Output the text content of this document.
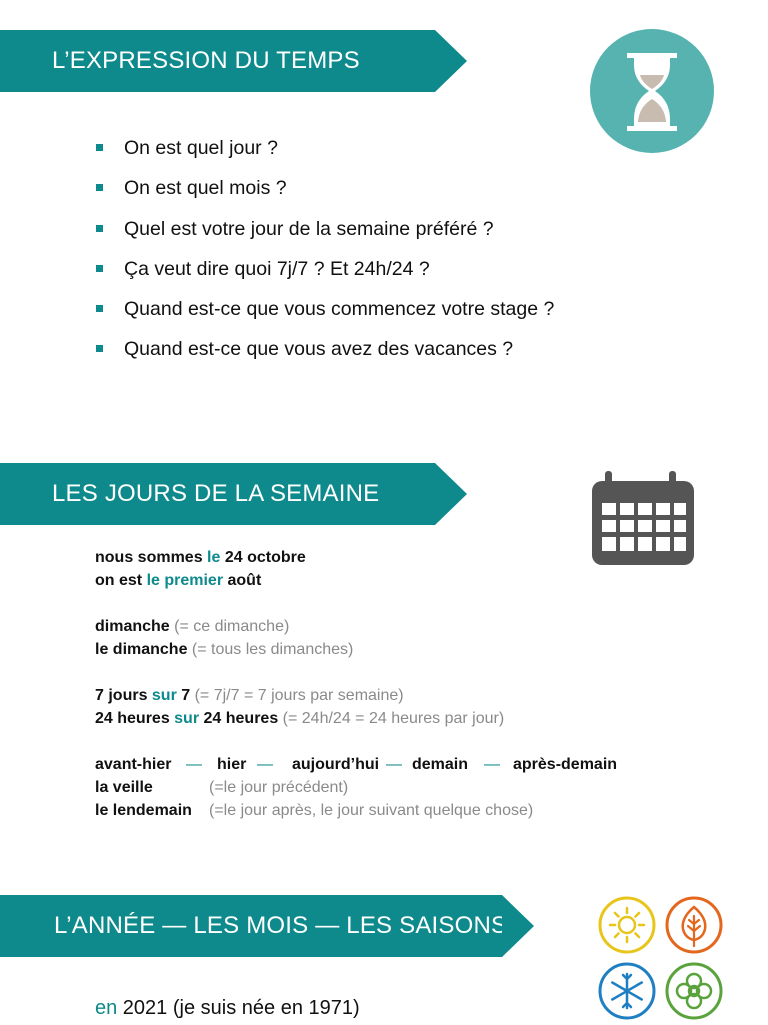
L’EXPRESSION DU TEMPS
On est quel jour ?
On est quel mois ?
Quel est votre jour de la semaine préféré ?
Ça veut dire quoi 7j/7 ? Et 24h/24 ?
Quand est-ce que vous commencez votre stage ?
Quand est-ce que vous avez des vacances ?
LES JOURS DE LA SEMAINE
nous sommes le 24 octobre
on est le premier août
dimanche (= ce dimanche)
le dimanche (= tous les dimanches)
7 jours sur 7 (= 7j/7 = 7 jours par semaine)
24 heures sur 24 heures (= 24h/24 = 24 heures par jour)
avant-hier — hier — aujourd’hui — demain — après-demain
la veille	(=le jour précédent)
le lendemain (=le jour après, le jour suivant quelque chose)
L’ANNÉE — LES MOIS — LES SAISONS
en 2021 (je suis née en 1971)
